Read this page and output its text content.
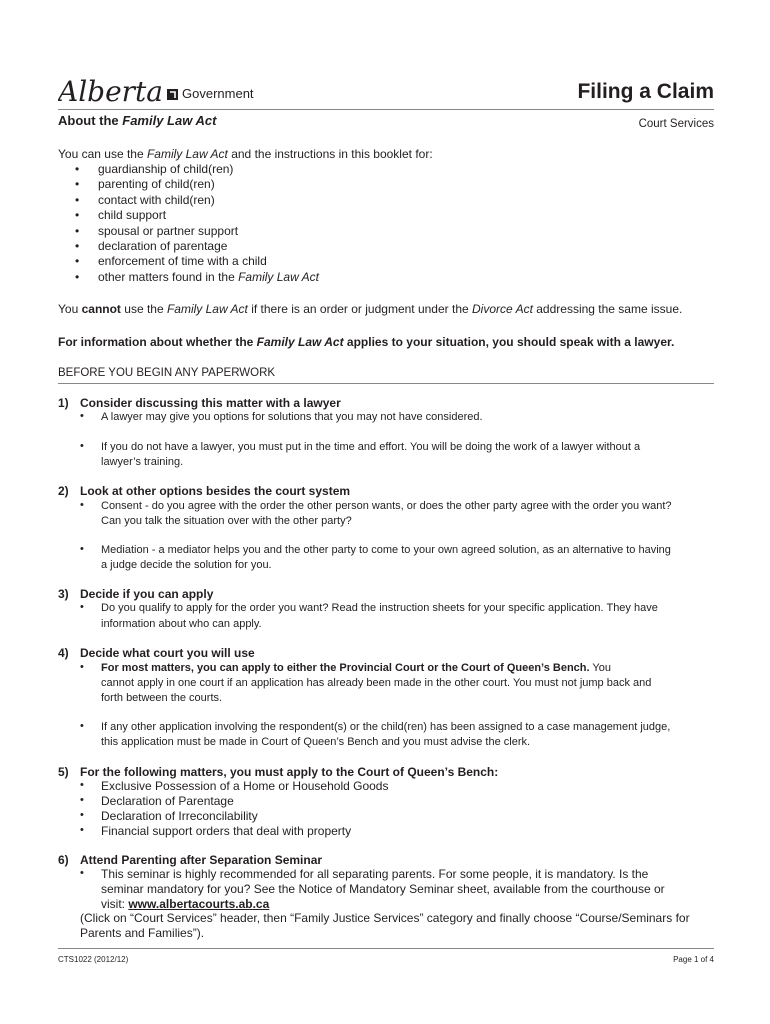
Alberta Government	Filing a Claim
About the Family Law Act	Court Services
You can use the Family Law Act and the instructions in this booklet for:
• guardianship of child(ren)
• parenting of child(ren)
• contact with child(ren)
• child support
• spousal or partner support
• declaration of parentage
• enforcement of time with a child
• other matters found in the Family Law Act
You cannot use the Family Law Act if there is an order or judgment under the Divorce Act addressing the same issue.
For information about whether the Family Law Act applies to your situation, you should speak with a lawyer.
BEFORE YOU BEGIN ANY PAPERWORK
1) Consider discussing this matter with a lawyer
• A lawyer may give you options for solutions that you may not have considered.
• If you do not have a lawyer, you must put in the time and effort. You will be doing the work of a lawyer without a
lawyer’s training.
2) Look at other options besides the court system
• Consent - do you agree with the order the other person wants, or does the other party agree with the order you want?
Can you talk the situation over with the other party?
• Mediation - a mediator helps you and the other party to come to your own agreed solution, as an alternative to having
a judge decide the solution for you.
3) Decide if you can apply
• Do you qualify to apply for the order you want? Read the instruction sheets for your specific application. They have
information about who can apply.
4) Decide what court you will use
• For most matters, you can apply to either the Provincial Court or the Court of Queen’s Bench. You
cannot apply in one court if an application has already been made in the other court. You must not jump back and
forth between the courts.
• If any other application involving the respondent(s) or the child(ren) has been assigned to a case management judge,
this application must be made in Court of Queen’s Bench and you must advise the clerk.
5) For the following matters, you must apply to the Court of Queen’s Bench:
• Exclusive Possession of a Home or Household Goods
• Declaration of Parentage
• Declaration of Irreconcilability
• Financial support orders that deal with property
6) Attend Parenting after Separation Seminar
• This seminar is highly recommended for all separating parents. For some people, it is mandatory. Is the
seminar mandatory for you? See the Notice of Mandatory Seminar sheet, available from the courthouse or
visit: www.albertacourts.ab.ca
(Click on “Court Services” header, then “Family Justice Services” category and finally choose “Course/Seminars for
Parents and Families”).
CTS1022 (2012/12)	Page 1 of 4
